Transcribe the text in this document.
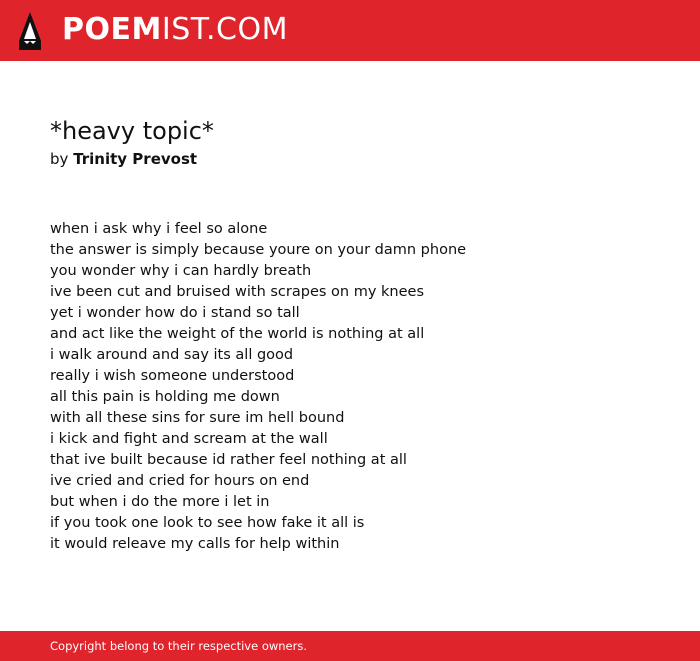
POEMIST.COM
*heavy topic*
by Trinity Prevost
when i ask why i feel so alone
the answer is simply because youre on your damn phone
you wonder why i can hardly breath
ive been cut and bruised with scrapes on my knees
yet i wonder how do i stand so tall
and act like the weight of the world is nothing at all
i walk around and say its all good
really i wish someone understood
all this pain is holding me down
with all these sins for sure im hell bound
i kick and fight and scream at the wall
that ive built because id rather feel nothing at all
ive cried and cried for hours on end
but when i do the more i let in
if you took one look to see how fake it all is
it would releave my calls for help within
Copyright belong to their respective owners.
